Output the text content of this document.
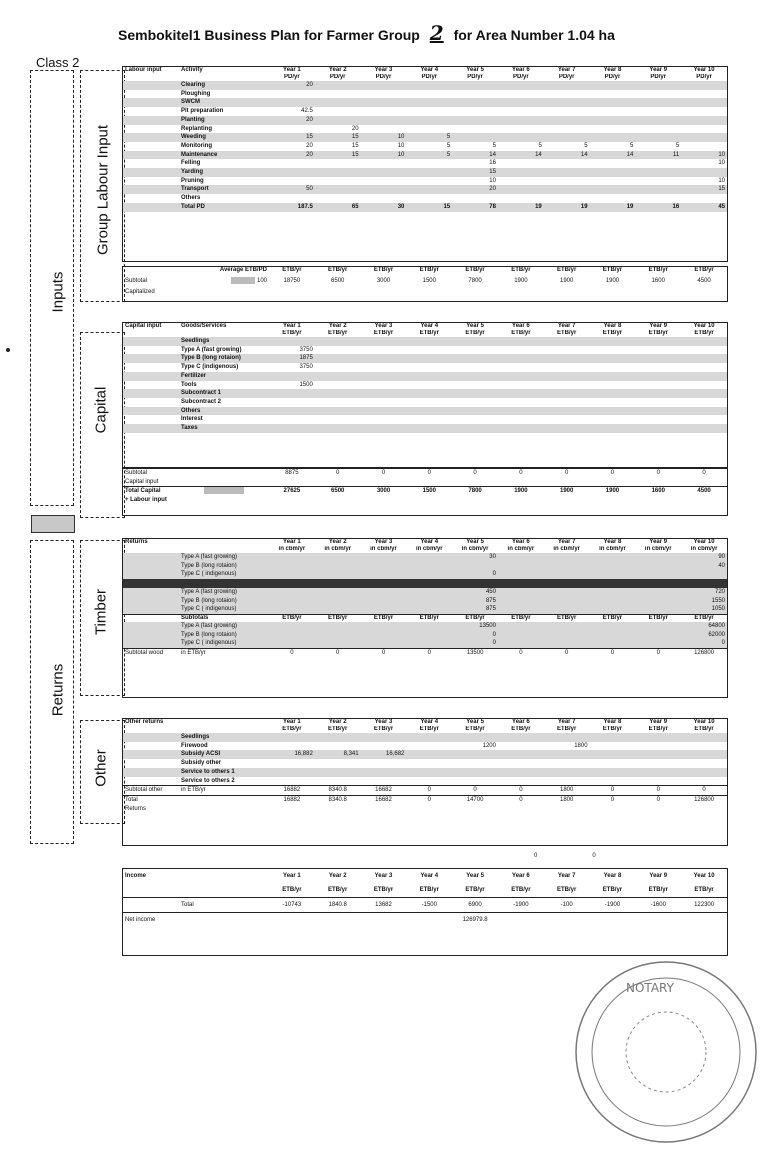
Sembokitel1 Business Plan for Farmer Group 2 for Area Number 1.04 ha
Class 2
Inputs
Returns
Group Labour Input
Capital
Timber
Other
Labour input	Activity	Year 1	Year 2	Year 3	Year 4	Year 5	Year 6	Year 7	Year 8	Year 9	Year 10
		PD/yr	PD/yr	PD/yr	PD/yr	PD/yr	PD/yr	PD/yr	PD/yr	PD/yr	PD/yr
	Clearing	20									
	Ploughing										
	SWCM										
	Pit preparation	42.5									
	Planting	20									
	Replanting		20								
	Weeding	15	15	10	5						
	Monitoring	20	15	10	5	5	5	5	5	5	
	Maintenance	20	15	10	5	14	14	14	14	11	10
	Felling					16					10
	Yarding					15					
	Pruning					10					10
	Transport	50				20					15
	Others										
	Total PD	187.5	65	30	15	78	19	19	19	16	45
	Average ETB/PD	ETB/yr	ETB/yr	ETB/yr	ETB/yr	ETB/yr	ETB/yr	ETB/yr	ETB/yr	ETB/yr	ETB/yr
Subtotal	100	18750	6500	3000	1500	7800	1900	1900	1900	1600	4500
Capitalized											
Capital input	Goods/Services	Year 1	Year 2	Year 3	Year 4	Year 5	Year 6	Year 7	Year 8	Year 9	Year 10
		ETB/yr	ETB/yr	ETB/yr	ETB/yr	ETB/yr	ETB/yr	ETB/yr	ETB/yr	ETB/yr	ETB/yr
	Seedlings										
	Type A (fast growing)	3750									
	Type B (long rotaion)	1875									
	Type C (indigenous)	3750									
	Fertilizer										
	Tools	1500									
	Subcontract 1										
	Subcontract 2										
	Others										
	Interest										
	Taxes										
Subtotal		8875	0	0	0	0	0	0	0	0	0
Capital input											
Total Capital		27625	6500	3000	1500	7800	1900	1900	1900	1600	4500
+ Labour input											
Returns		Year 1	Year 2	Year 3	Year 4	Year 5	Year 6	Year 7	Year 8	Year 9	Year 10
		in cbm/yr	in cbm/yr	in cbm/yr	in cbm/yr	in cbm/yr	in cbm/yr	in cbm/yr	in cbm/yr	in cbm/yr	in cbm/yr
	Type A (fast growing)					30					90
	Type B (long rotaion)										40
	Type C ( indigenous)					0					

	Type A (fast growing)					450					720
	Type B (long rotaion)					875					1550
	Type C ( indigenous)					875					1050
	Subtotals	ETB/yr	ETB/yr	ETB/yr	ETB/yr	ETB/yr	ETB/yr	ETB/yr	ETB/yr	ETB/yr	ETB/yr
	Type A (fast growing)					13500					64800
	Type B (long rotaion)					0					62000
	Type C ( indigenous)					0					0
Subtotal wood	in ETB/yr	0	0	0	0	13500	0	0	0	0	126800
Other returns		Year 1	Year 2	Year 3	Year 4	Year 5	Year 6	Year 7	Year 8	Year 9	Year 10
		ETB/yr	ETB/yr	ETB/yr	ETB/yr	ETB/yr	ETB/yr	ETB/yr	ETB/yr	ETB/yr	ETB/yr
	Seedlings										
	Firewood					1200		1800			
	Subsidy ACSI	16,882	8,341	16,682							
	Subsidy other										
	Service to others 1										
	Service to others 2										
Subtotal other	in ETB/yr	16882	8340.8	16682	0	0	0	1800	0	0	0
Total		16882	8340.8	16682	0	14700	0	1800	0	0	126800
Returns											
0	0
Income		Year 1	Year 2	Year 3	Year 4	Year 5	Year 6	Year 7	Year 8	Year 9	Year 10
		ETB/yr	ETB/yr	ETB/yr	ETB/yr	ETB/yr	ETB/yr	ETB/yr	ETB/yr	ETB/yr	ETB/yr
	Total	-10743	1840.8	13682	-1500	6900	-1900	-100	-1900	-1600	122300
Net income						126979.8					
NOTARY
